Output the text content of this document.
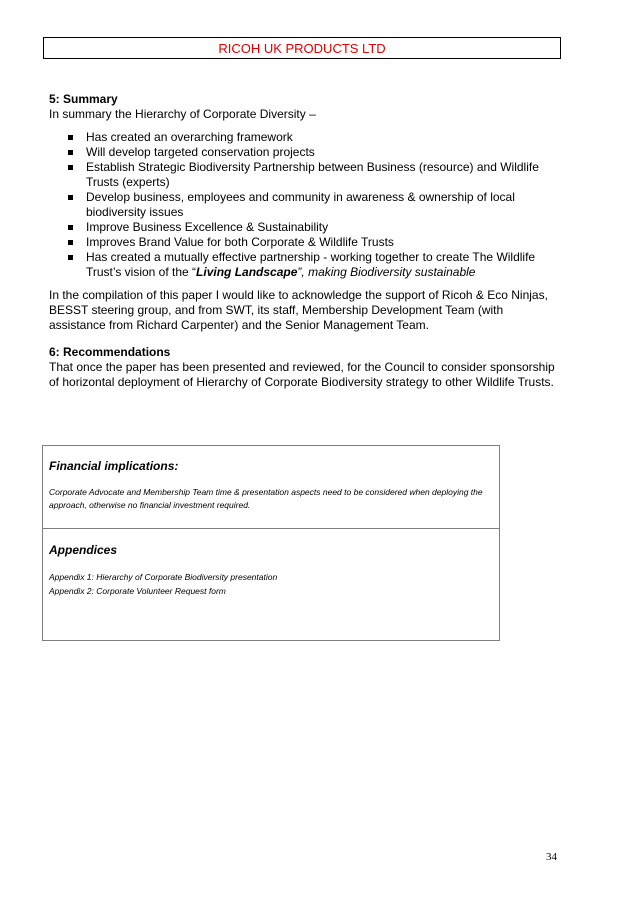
RICOH UK PRODUCTS LTD

5: Summary

In summary the Hierarchy of Corporate Diversity –

Has created an overarching framework
Will develop targeted conservation projects
Establish Strategic Biodiversity Partnership between Business (resource) and Wildlife Trusts (experts)
Develop business, employees and community in awareness & ownership of local biodiversity issues
Improve Business Excellence & Sustainability
Improves Brand Value for both Corporate & Wildlife Trusts
Has created a mutually effective partnership - working together to create The Wildlife Trust’s vision of the “Living Landscape”, making Biodiversity sustainable

In the compilation of this paper I would like to acknowledge the support of Ricoh & Eco Ninjas, BESST steering group, and from SWT, its staff, Membership Development Team (with assistance from Richard Carpenter) and the Senior Management Team.

6: Recommendations

That once the paper has been presented and reviewed, for the Council to consider sponsorship of horizontal deployment of Hierarchy of Corporate Biodiversity strategy to other Wildlife Trusts.

Financial implications:
Corporate Advocate and Membership Team time & presentation aspects need to be considered when deploying the approach, otherwise no financial investment required.
Appendices
Appendix 1: Hierarchy of Corporate Biodiversity presentation
Appendix 2: Corporate Volunteer Request form
34
